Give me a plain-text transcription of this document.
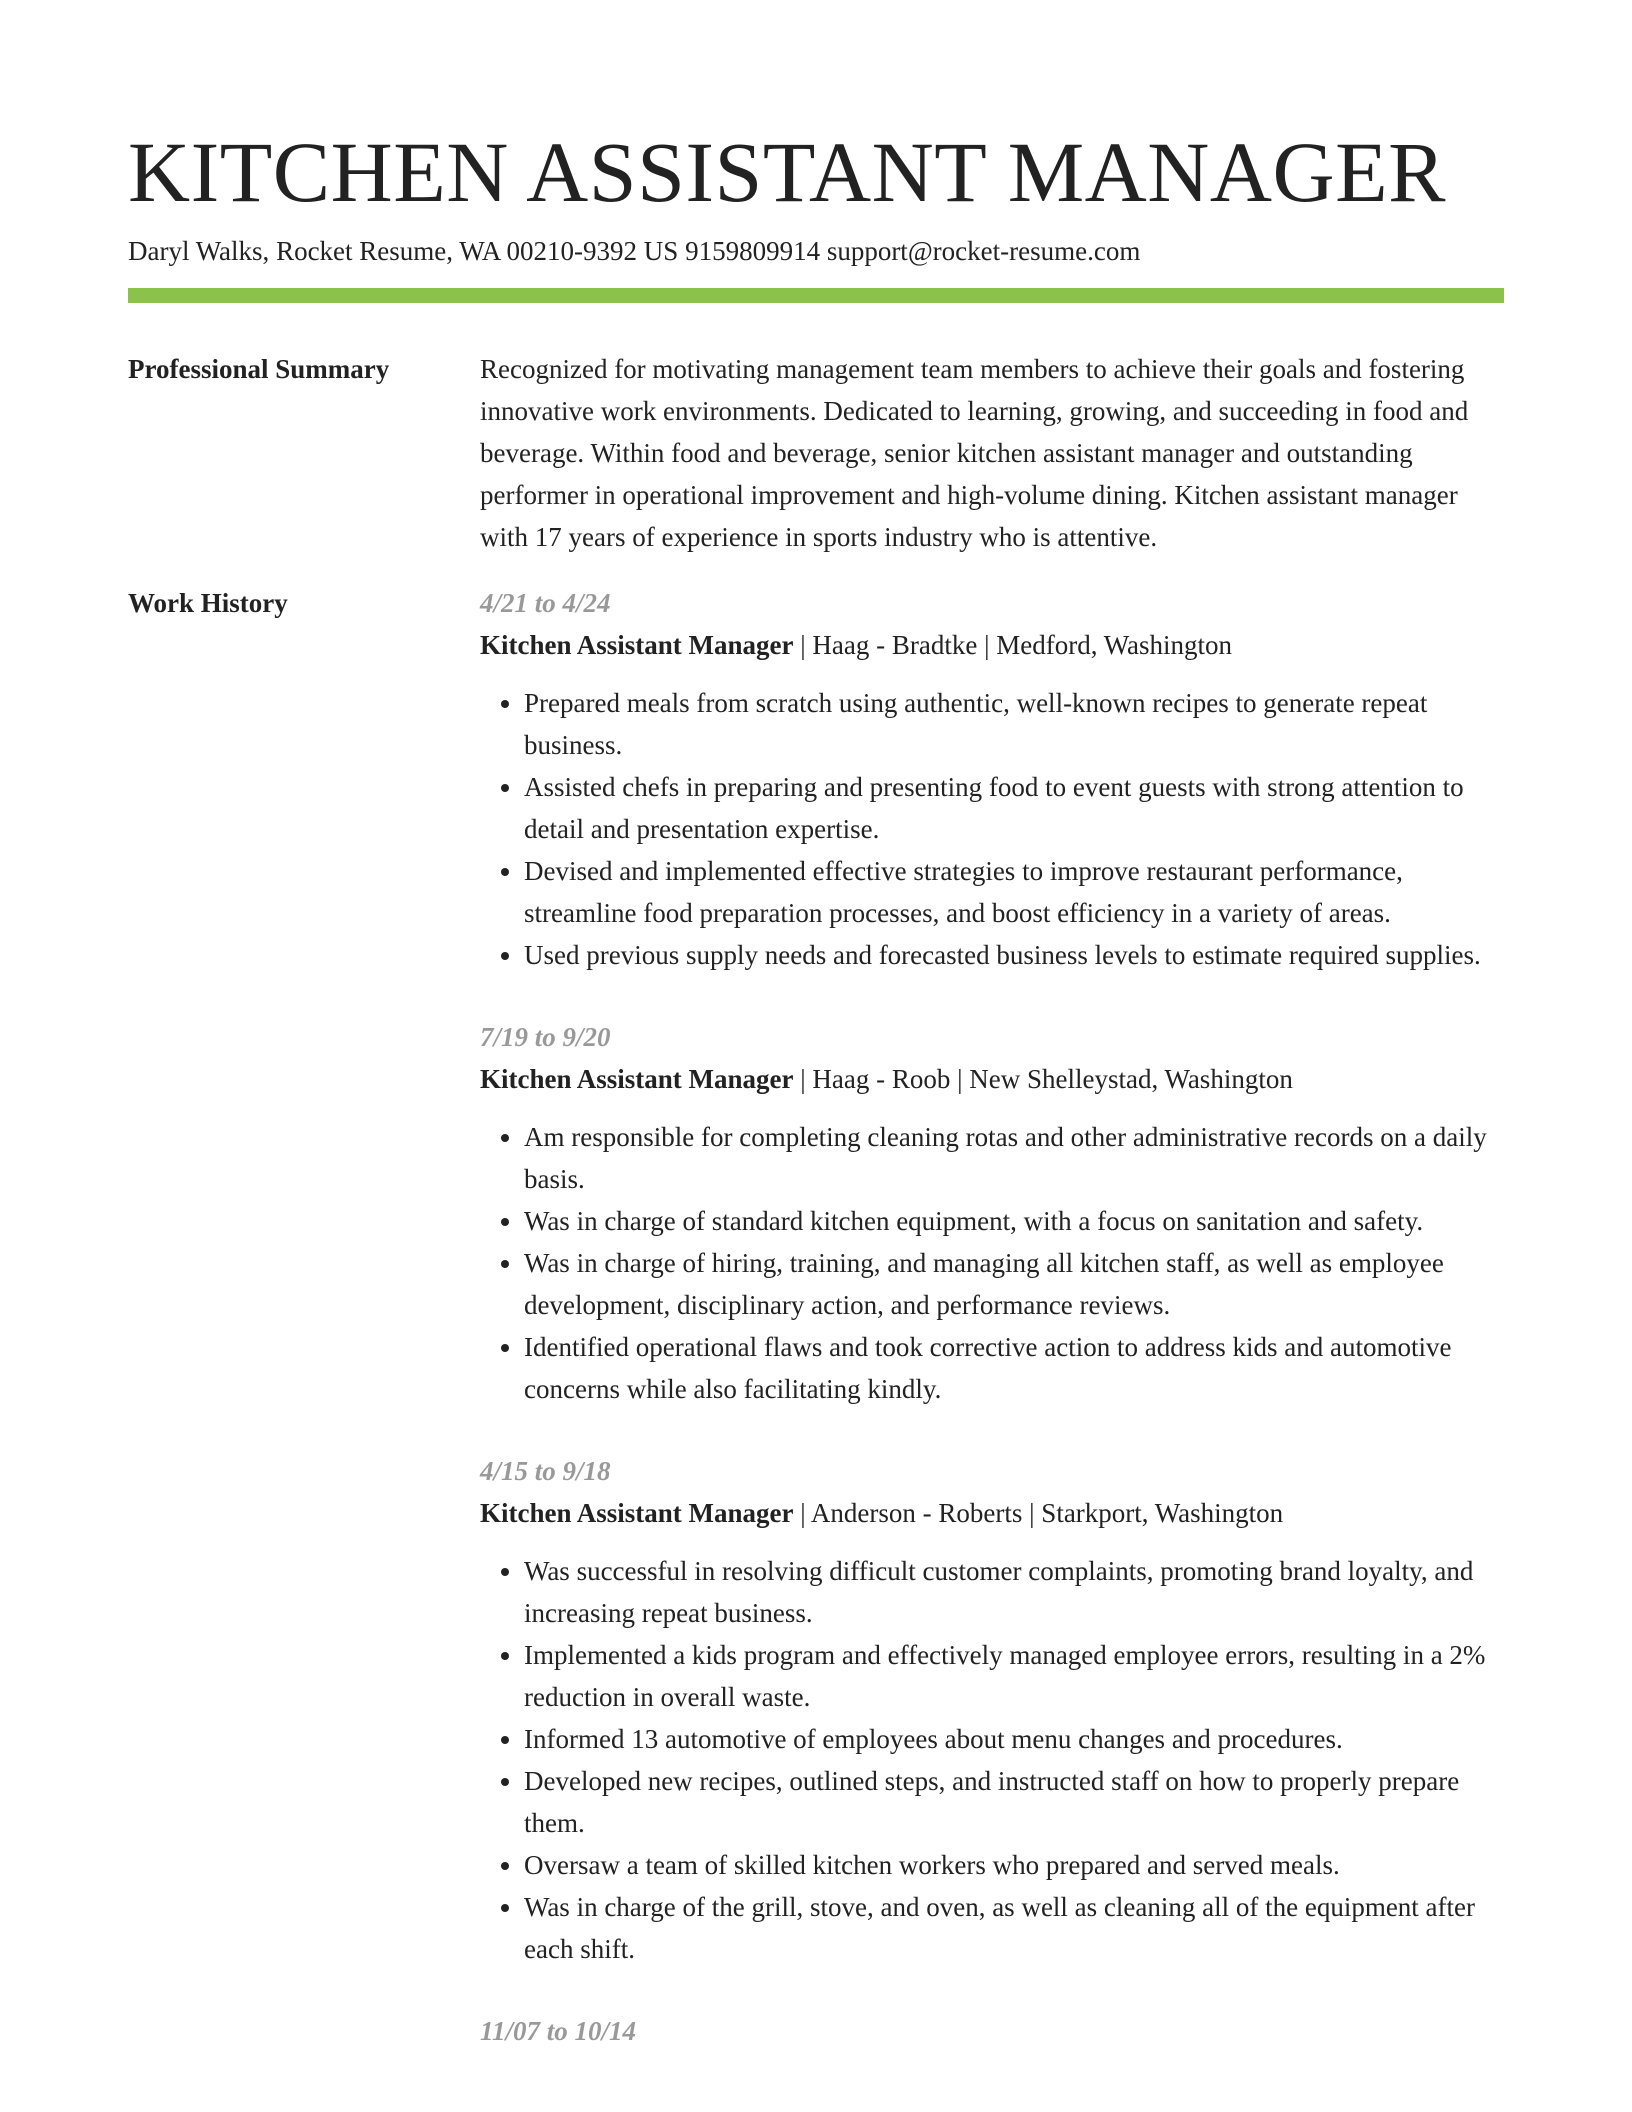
KITCHEN ASSISTANT MANAGER
Daryl Walks, Rocket Resume, WA 00210-9392 US 9159809914 support@rocket-resume.com
Professional Summary	Recognized for motivating management team members to achieve their goals and fostering innovative work environments. Dedicated to learning, growing, and succeeding in food and beverage. Within food and beverage, senior kitchen assistant manager and outstanding performer in operational improvement and high-volume dining. Kitchen assistant manager with 17 years of experience in sports industry who is attentive.

Work History	4/21 to 4/24
Kitchen Assistant Manager | Haag - Bradtke | Medford, Washington
• Prepared meals from scratch using authentic, well-known recipes to generate repeat business.
• Assisted chefs in preparing and presenting food to event guests with strong attention to detail and presentation expertise.
• Devised and implemented effective strategies to improve restaurant performance, streamline food preparation processes, and boost efficiency in a variety of areas.
• Used previous supply needs and forecasted business levels to estimate required supplies.
7/19 to 9/20
Kitchen Assistant Manager | Haag - Roob | New Shelleystad, Washington
• Am responsible for completing cleaning rotas and other administrative records on a daily basis.
• Was in charge of standard kitchen equipment, with a focus on sanitation and safety.
• Was in charge of hiring, training, and managing all kitchen staff, as well as employee development, disciplinary action, and performance reviews.
• Identified operational flaws and took corrective action to address kids and automotive concerns while also facilitating kindly.
4/15 to 9/18
Kitchen Assistant Manager | Anderson - Roberts | Starkport, Washington
• Was successful in resolving difficult customer complaints, promoting brand loyalty, and increasing repeat business.
• Implemented a kids program and effectively managed employee errors, resulting in a 2% reduction in overall waste.
• Informed 13 automotive of employees about menu changes and procedures.
• Developed new recipes, outlined steps, and instructed staff on how to properly prepare them.
• Oversaw a team of skilled kitchen workers who prepared and served meals.
• Was in charge of the grill, stove, and oven, as well as cleaning all of the equipment after each shift.
11/07 to 10/14
